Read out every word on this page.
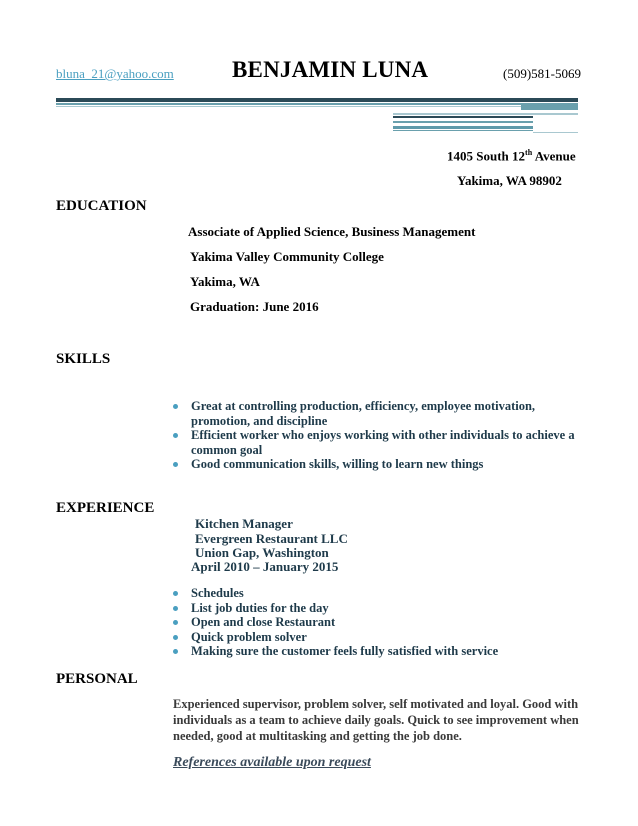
bluna_21@yahoo.com	BENJAMIN LUNA	(509)581-5069
1405 South 12th Avenue
Yakima, WA 98902
EDUCATION
Associate of Applied Science, Business Management
Yakima Valley Community College
Yakima, WA
Graduation: June 2016
SKILLS
Great at controlling production, efficiency, employee motivation, promotion, and discipline
Efficient worker who enjoys working with other individuals to achieve a common goal
Good communication skills, willing to learn new things
EXPERIENCE
Kitchen Manager
Evergreen Restaurant LLC
Union Gap, Washington
April 2010 – January 2015
Schedules
List job duties for the day
Open and close Restaurant
Quick problem solver
Making sure the customer feels fully satisfied with service
PERSONAL
Experienced supervisor, problem solver, self motivated and loyal. Good with individuals as a team to achieve daily goals. Quick to see improvement when needed, good at multitasking and getting the job done.
References available upon request
